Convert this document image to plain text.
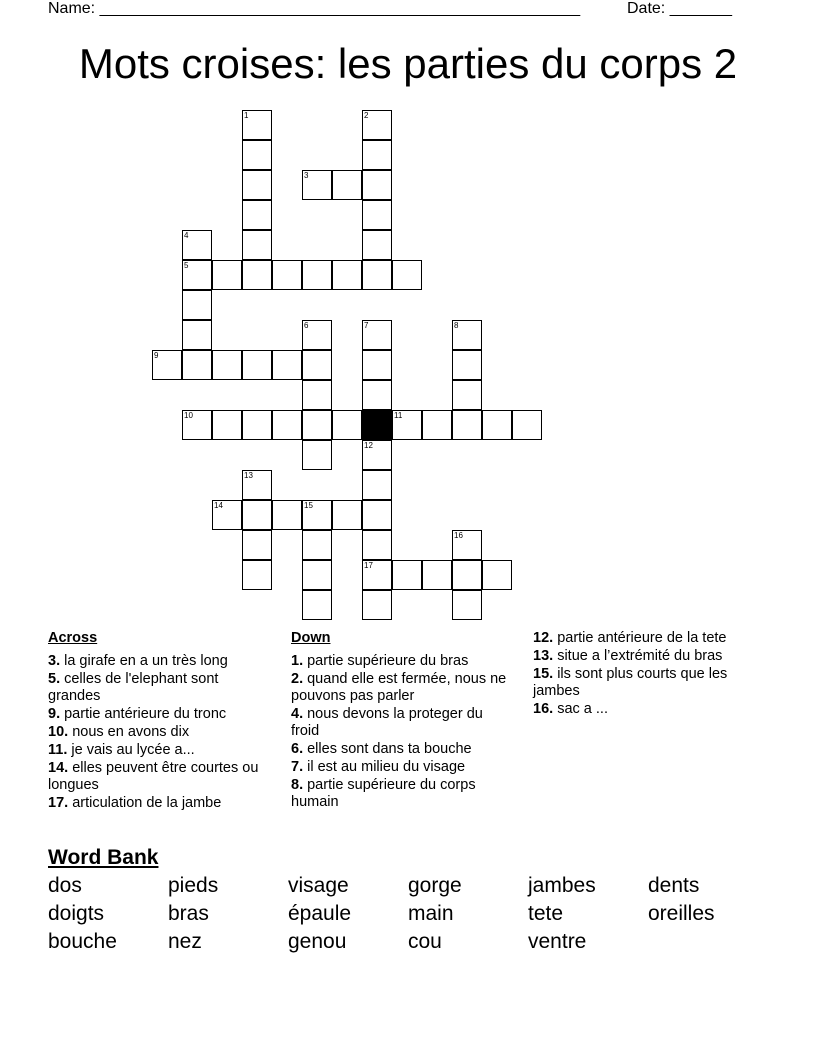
Name: ______________________________________________________	Date: _______
Mots croises: les parties du corps 2
1	2
3
4
5
9
6	7	8
10	11
12
17
13
14	15
16
Across
3. la girafe en a un très long
5. celles de l'elephant sont grandes
9. partie antérieure du tronc
10. nous en avons dix
11. je vais au lycée a...
14. elles peuvent être courtes ou longues
17. articulation de la jambe
Down
1. partie supérieure du bras
2. quand elle est fermée, nous ne pouvons pas parler
4. nous devons la proteger du froid
6. elles sont dans ta bouche
7. il est au milieu du visage
8. partie supérieure du corps humain
12. partie antérieure de la tete
13. situe a l’extrémité du bras
15. ils sont plus courts que les jambes
16. sac a ...
Word Bank
dos	pieds	visage	gorge	jambes	dents
doigts	bras	épaule	main	tete	oreilles
bouche	nez	genou	cou	ventre
